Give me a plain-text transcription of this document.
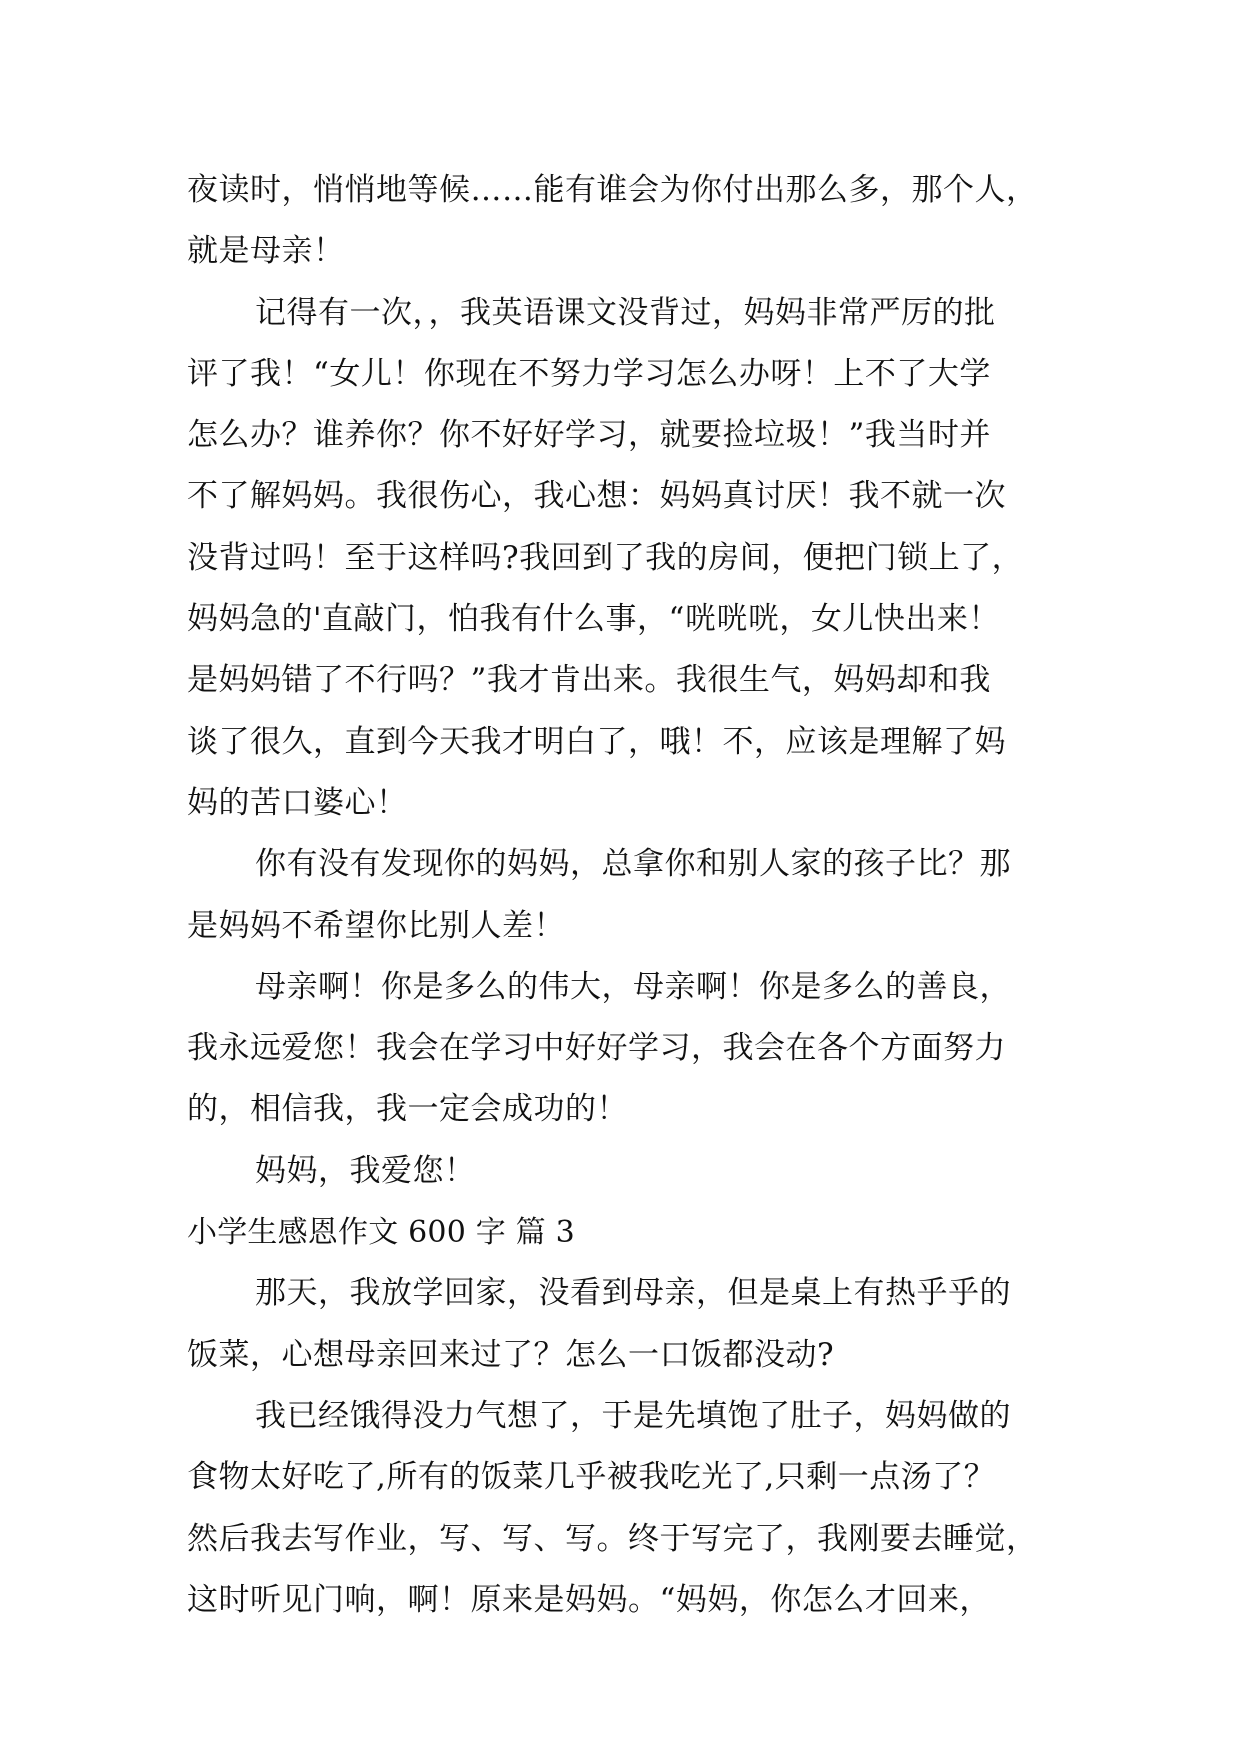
夜读时，悄悄地等候……能有谁会为你付出那么多，那个人，
就是母亲！
记得有一次，，我英语课文没背过，妈妈非常严厉的批
评了我！“女儿！你现在不努力学习怎么办呀！上不了大学
怎么办？谁养你？你不好好学习，就要捡垃圾！”我当时并
不了解妈妈。我很伤心，我心想：妈妈真讨厌！我不就一次
没背过吗！至于这样吗?我回到了我的房间，便把门锁上了，
妈妈急的'直敲门，怕我有什么事，“咣咣咣，女儿快出来！
是妈妈错了不行吗？”我才肯出来。我很生气，妈妈却和我
谈了很久，直到今天我才明白了，哦！不，应该是理解了妈
妈的苦口婆心！
你有没有发现你的妈妈，总拿你和别人家的孩子比？那
是妈妈不希望你比别人差！
母亲啊！你是多么的伟大，母亲啊！你是多么的善良，
我永远爱您！我会在学习中好好学习，我会在各个方面努力
的，相信我，我一定会成功的！
妈妈，我爱您！
小学生感恩作文 600 字 篇 3
那天，我放学回家，没看到母亲，但是桌上有热乎乎的
饭菜，心想母亲回来过了？怎么一口饭都没动?
我已经饿得没力气想了，于是先填饱了肚子，妈妈做的
食物太好吃了,所有的饭菜几乎被我吃光了,只剩一点汤了？
然后我去写作业，写、写、写。终于写完了，我刚要去睡觉，
这时听见门响，啊！原来是妈妈。“妈妈，你怎么才回来，
